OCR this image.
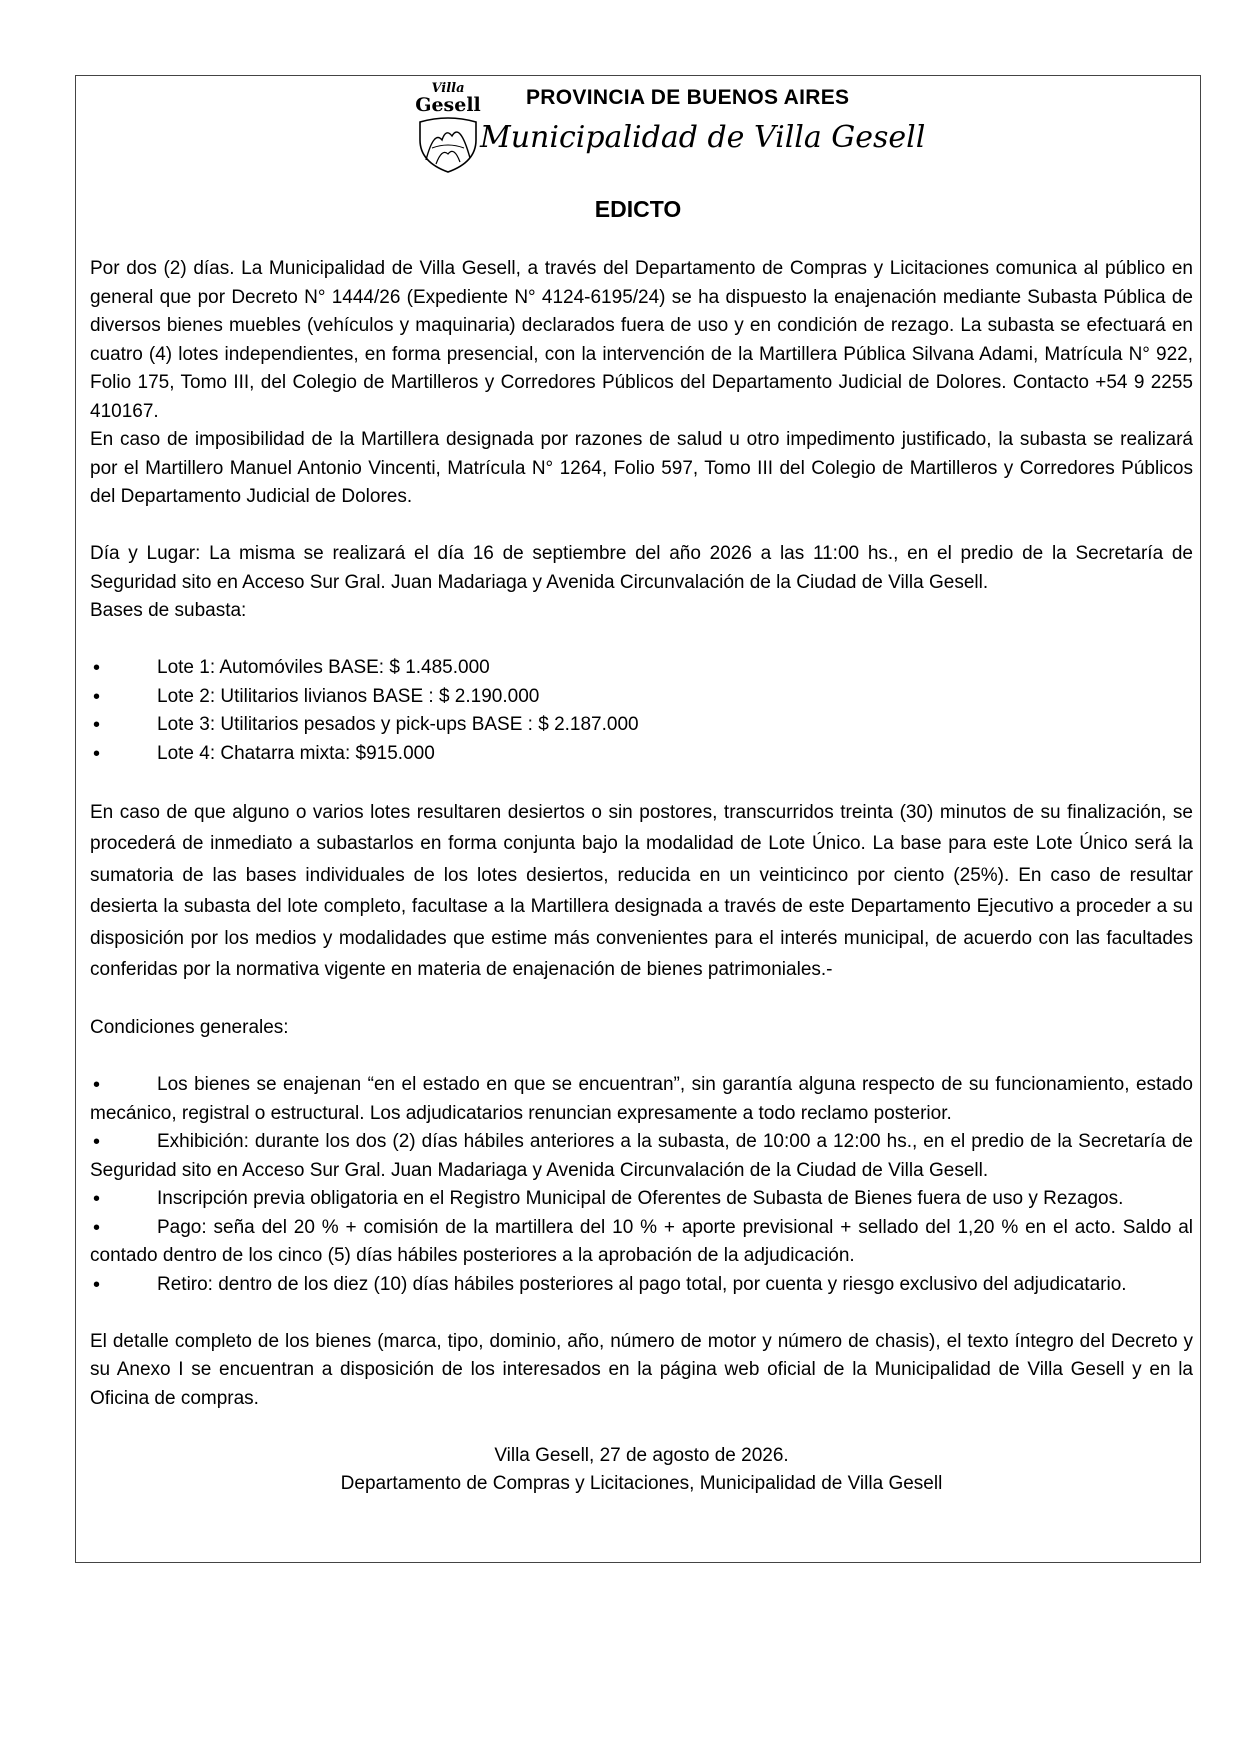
Villa
Gesell PROVINCIA DE BUENOS AIRES
Municipalidad de Villa Gesell
EDICTO

Por dos (2) días. La Municipalidad de Villa Gesell, a través del Departamento de Compras y Licitaciones comunica al público en general que por Decreto N° 1444/26 (Expediente N° 4124-6195/24) se ha dispuesto la enajenación mediante Subasta Pública de diversos bienes muebles (vehículos y maquinaria) declarados fuera de uso y en condición de rezago. La subasta se efectuará en cuatro (4) lotes independientes, en forma presencial, con la intervención de la Martillera Pública Silvana Adami, Matrícula N° 922, Folio 175, Tomo III, del Colegio de Martilleros y Corredores Públicos del Departamento Judicial de Dolores. Contacto +54 9 2255 410167.

En caso de imposibilidad de la Martillera designada por razones de salud u otro impedimento justificado, la subasta se realizará por el Martillero Manuel Antonio Vincenti, Matrícula N° 1264, Folio 597, Tomo III del Colegio de Martilleros y Corredores Públicos del Departamento Judicial de Dolores.

Día y Lugar: La misma se realizará el día 16 de septiembre del año 2026 a las 11:00 hs., en el predio de la Secretaría de Seguridad sito en Acceso Sur Gral. Juan Madariaga y Avenida Circunvalación de la Ciudad de Villa Gesell.

Bases de subasta:

•	Lote 1: Automóviles BASE: $ 1.485.000
•	Lote 2: Utilitarios livianos BASE : $ 2.190.000
•	Lote 3: Utilitarios pesados y pick-ups BASE : $ 2.187.000
•	Lote 4: Chatarra mixta: $915.000

En caso de que alguno o varios lotes resultaren desiertos o sin postores, transcurridos treinta (30) minutos de su finalización, se procederá de inmediato a subastarlos en forma conjunta bajo la modalidad de Lote Único. La base para este Lote Único será la sumatoria de las bases individuales de los lotes desiertos, reducida en un veinticinco por ciento (25%). En caso de resultar desierta la subasta del lote completo, facultase a la Martillera designada a través de este Departamento Ejecutivo a proceder a su disposición por los medios y modalidades que estime más convenientes para el interés municipal, de acuerdo con las facultades conferidas por la normativa vigente en materia de enajenación de bienes patrimoniales.-

Condiciones generales:

•	Los bienes se enajenan “en el estado en que se encuentran”, sin garantía alguna respecto de su funcionamiento, estado mecánico, registral o estructural. Los adjudicatarios renuncian expresamente a todo reclamo posterior.
•	Exhibición: durante los dos (2) días hábiles anteriores a la subasta, de 10:00 a 12:00 hs., en el predio de la Secretaría de Seguridad sito en Acceso Sur Gral. Juan Madariaga y Avenida Circunvalación de la Ciudad de Villa Gesell.
•	Inscripción previa obligatoria en el Registro Municipal de Oferentes de Subasta de Bienes fuera de uso y Rezagos.
•	Pago: seña del 20 % + comisión de la martillera del 10 % + aporte previsional + sellado del 1,20 % en el acto. Saldo al contado dentro de los cinco (5) días hábiles posteriores a la aprobación de la adjudicación.
•	Retiro: dentro de los diez (10) días hábiles posteriores al pago total, por cuenta y riesgo exclusivo del adjudicatario.

El detalle completo de los bienes (marca, tipo, dominio, año, número de motor y número de chasis), el texto íntegro del Decreto y su Anexo I se encuentran a disposición de los interesados en la página web oficial de la Municipalidad de Villa Gesell y en la Oficina de compras.

Villa Gesell, 27 de agosto de 2026.

Departamento de Compras y Licitaciones, Municipalidad de Villa Gesell
